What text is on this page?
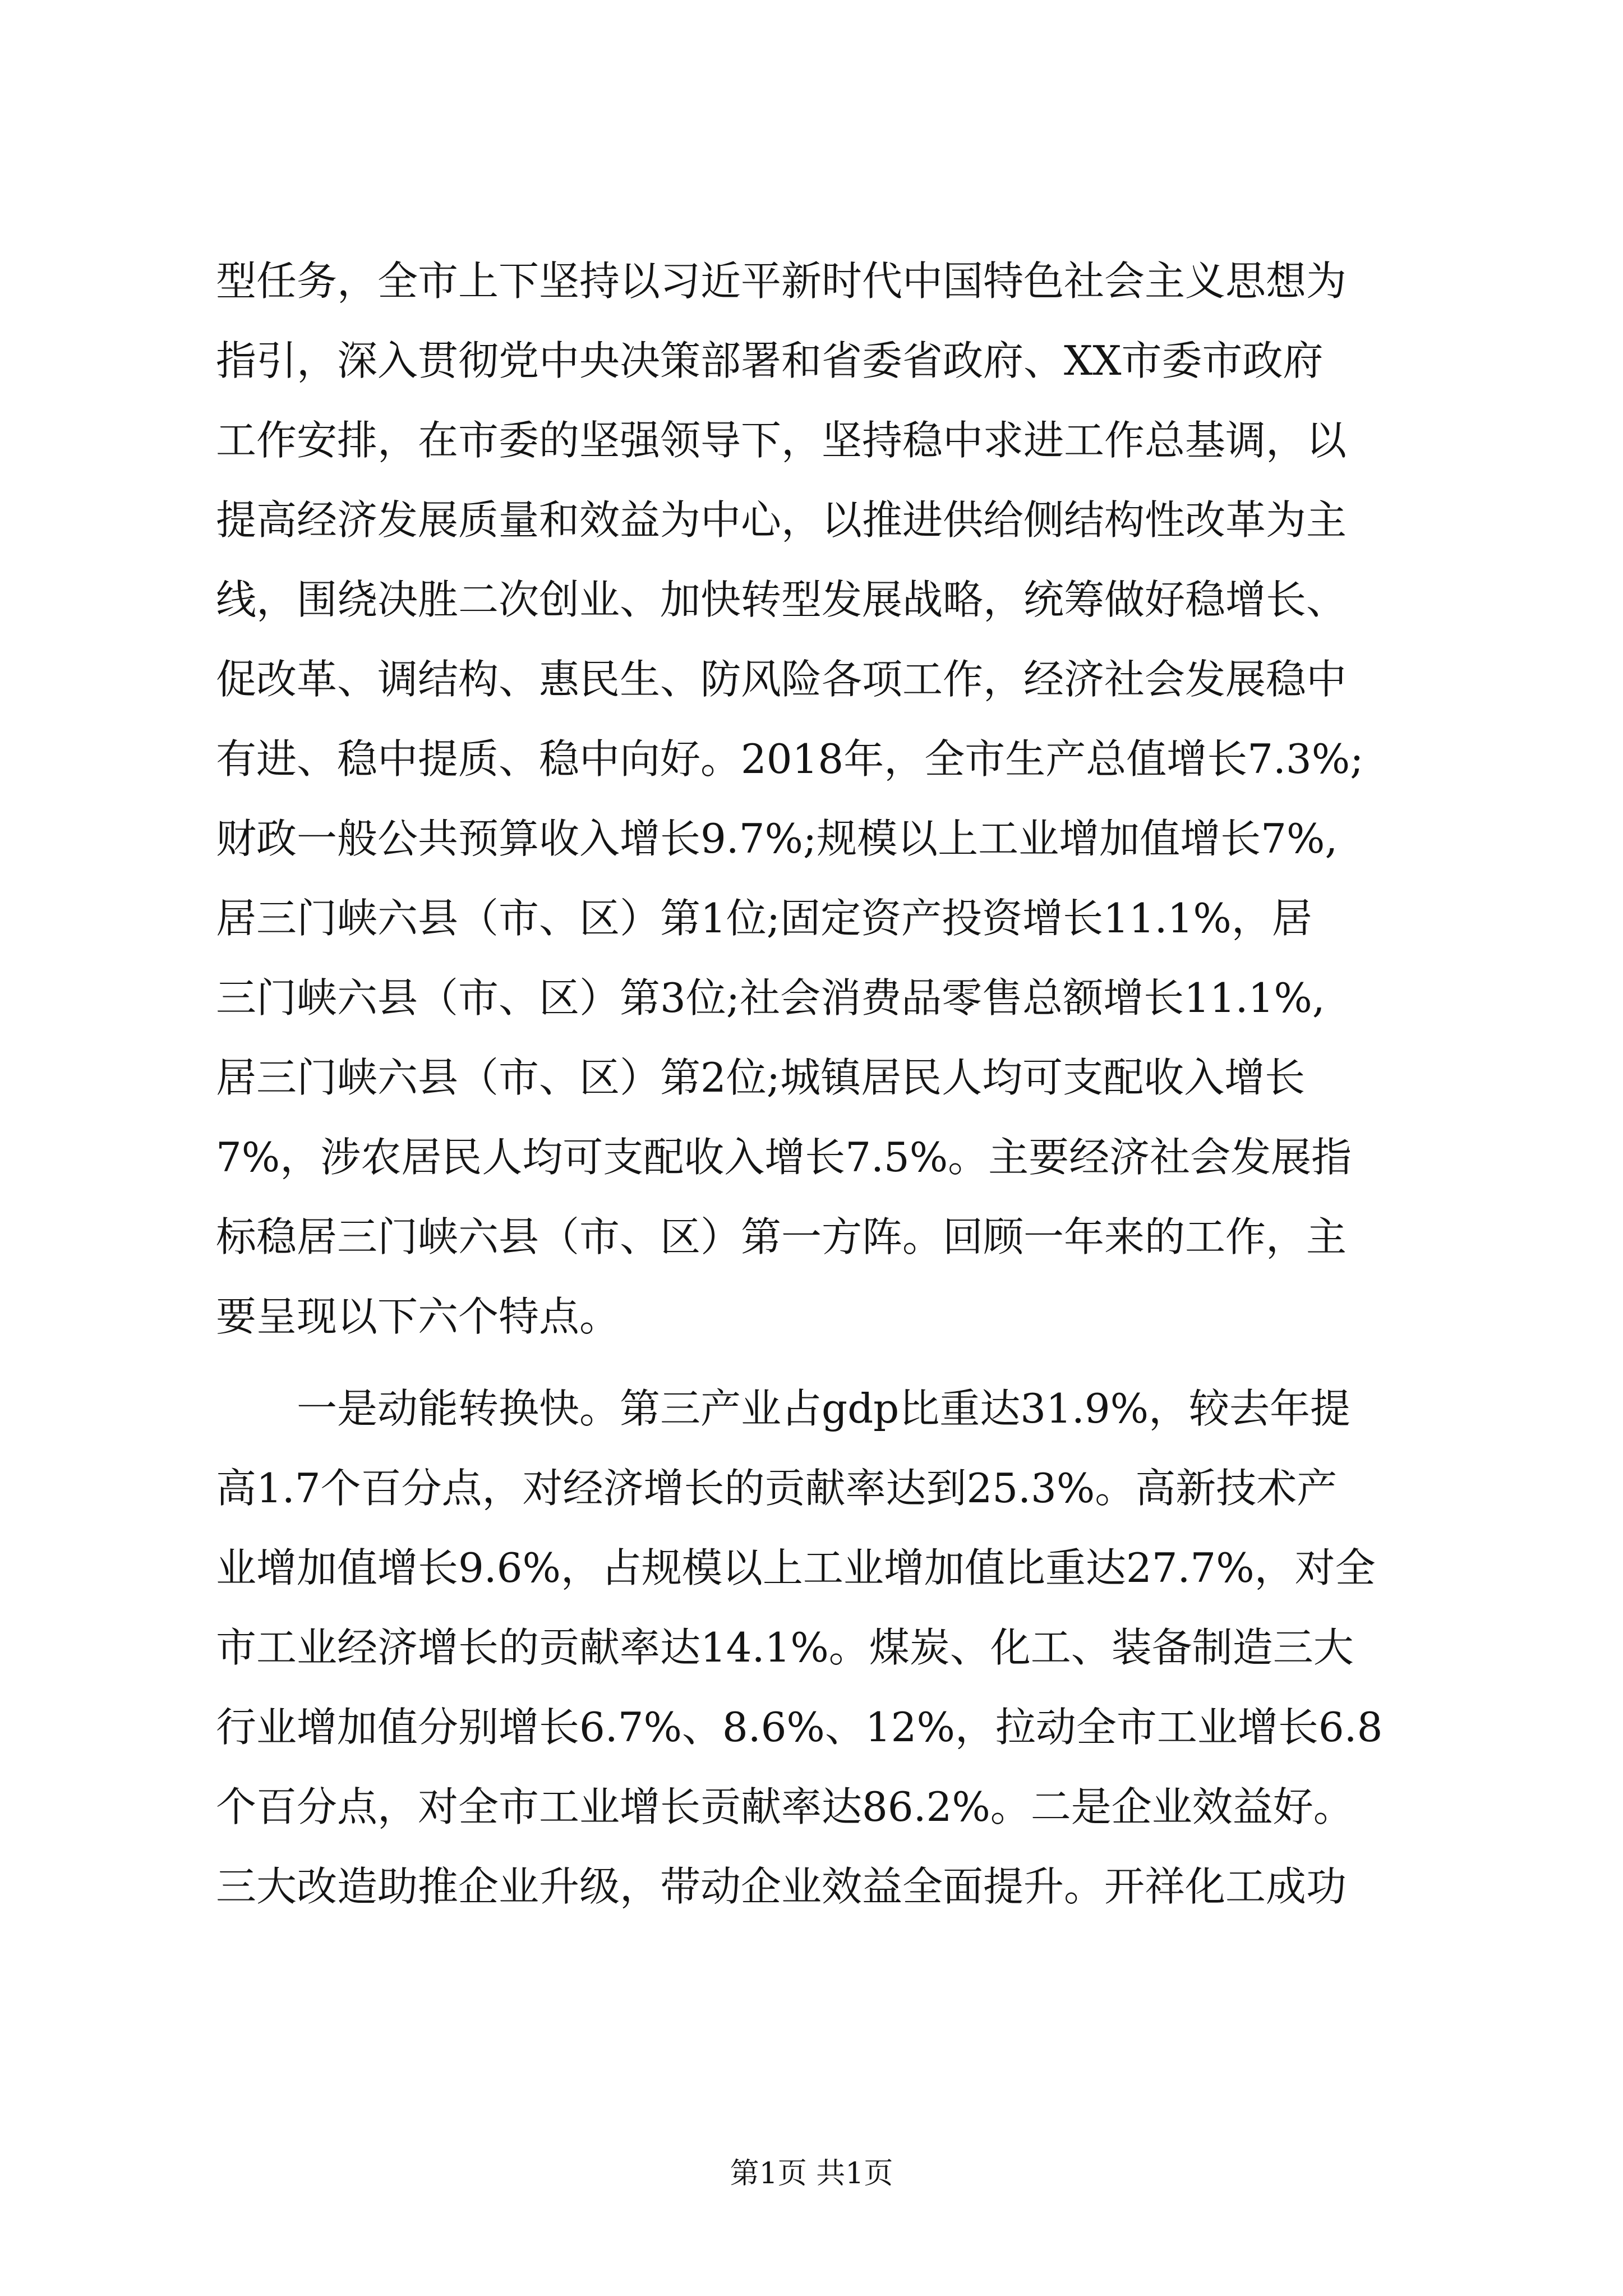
型任务，全市上下坚持以习近平新时代中国特色社会主义思想为
指引，深入贯彻党中央决策部署和省委省政府、XX市委市政府
工作安排，在市委的坚强领导下，坚持稳中求进工作总基调，以
提高经济发展质量和效益为中心，以推进供给侧结构性改革为主
线，围绕决胜二次创业、加快转型发展战略，统筹做好稳增长、
促改革、调结构、惠民生、防风险各项工作，经济社会发展稳中
有进、稳中提质、稳中向好。2018年，全市生产总值增长7.3%;
财政一般公共预算收入增长9.7%;规模以上工业增加值增长7%,
居三门峡六县（市、区）第1位;固定资产投资增长11.1%，居
三门峡六县（市、区）第3位;社会消费品零售总额增长11.1%,
居三门峡六县（市、区）第2位;城镇居民人均可支配收入增长
7%，涉农居民人均可支配收入增长7.5%。主要经济社会发展指
标稳居三门峡六县（市、区）第一方阵。回顾一年来的工作，主
要呈现以下六个特点。
一是动能转换快。第三产业占gdp比重达31.9%，较去年提
高1.7个百分点，对经济增长的贡献率达到25.3%。高新技术产
业增加值增长9.6%，占规模以上工业增加值比重达27.7%，对全
市工业经济增长的贡献率达14.1%。煤炭、化工、装备制造三大
行业增加值分别增长6.7%、8.6%、12%，拉动全市工业增长6.8
个百分点，对全市工业增长贡献率达86.2%。二是企业效益好。
三大改造助推企业升级，带动企业效益全面提升。开祥化工成功
第1页 共1页
